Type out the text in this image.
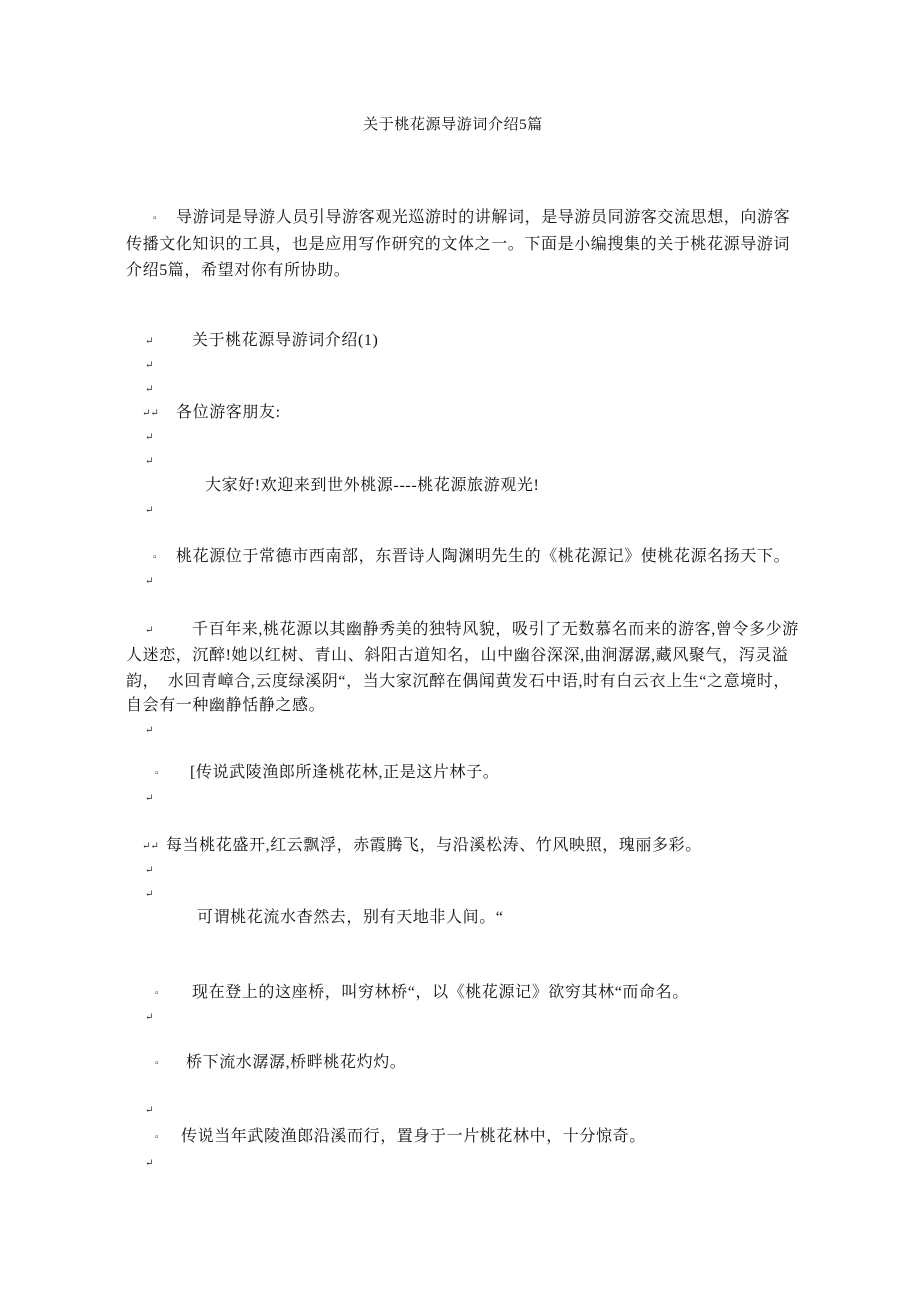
关于桃花源导游词介绍5篇
▫ 导游词是导游人员引导游客观光巡游时的讲解词，是导游员同游客交流思想，向游客
传播文化知识的工具，也是应用写作研究的文体之一。下面是小编搜集的关于桃花源导游词
介绍5篇，希望对你有所协助。
↵ 关于桃花源导游词介绍(1)
↵
↵
↵↵ 各位游客朋友:
↵
↵
大家好!欢迎来到世外桃源----桃花源旅游观光!
↵
▫ 桃花源位于常德市西南部，东晋诗人陶渊明先生的《桃花源记》使桃花源名扬天下。
↵
↵ 千百年来,桃花源以其幽静秀美的独特风貌，吸引了无数慕名而来的游客,曾令多少游
人迷恋，沉醉!她以红树、青山、斜阳古道知名，山中幽谷深深,曲涧潺潺,藏风聚气，泻灵溢
韵，　水回青嶂合,云度绿溪阴“，当大家沉醉在偶闻黄发石中语,时有白云衣上生“之意境时，
自会有一种幽静恬静之感。
↵
▫ [传说武陵渔郎所逢桃花林,正是这片林子。
↵
↵↵ 每当桃花盛开,红云飘浮，赤霞腾飞，与沿溪松涛、竹风映照，瑰丽多彩。
↵
↵
可谓桃花流水杳然去，别有天地非人间。“
▫ 现在登上的这座桥，叫穷林桥“，以《桃花源记》欲穷其林“而命名。
↵
▫ 桥下流水潺潺,桥畔桃花灼灼。
↵
▫ 传说当年武陵渔郎沿溪而行，置身于一片桃花林中，十分惊奇。
↵
